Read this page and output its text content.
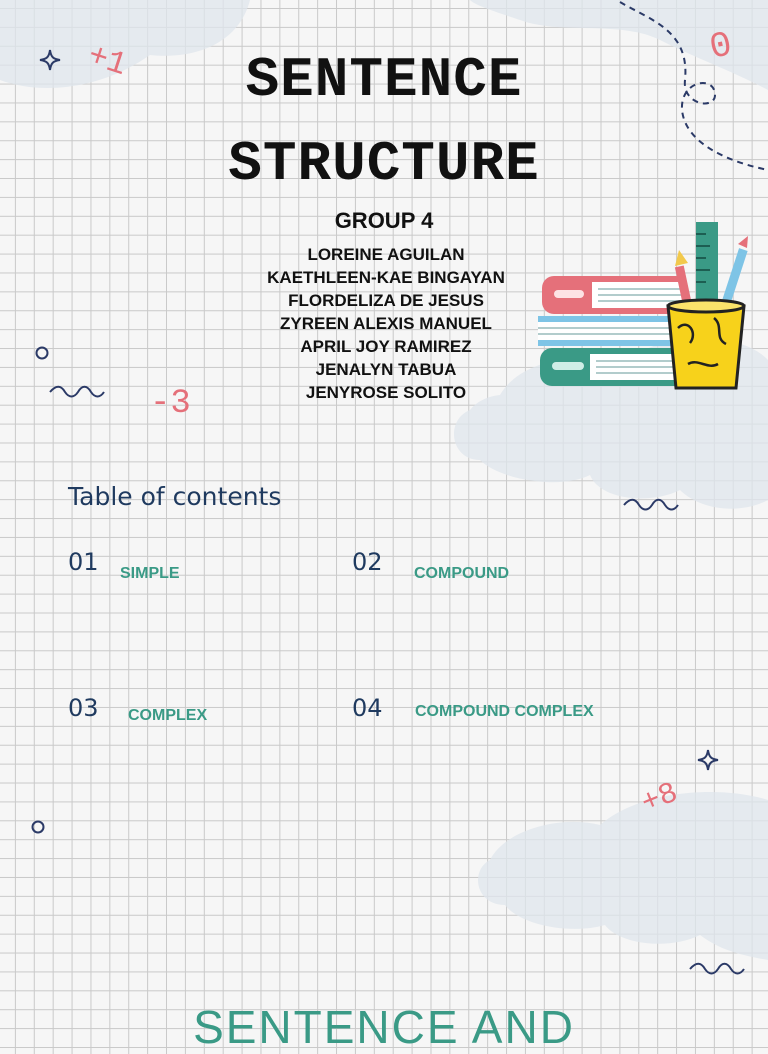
+1	0
-3
+8
SENTENCE
STRUCTURE
GROUP 4
LOREINE AGUILAN
KAETHLEEN-KAE BINGAYAN
FLORDELIZA DE JESUS
ZYREEN ALEXIS MANUEL
APRIL JOY RAMIREZ
JENALYN TABUA
JENYROSE SOLITO
Table of contents
01 SIMPLE	02 COMPOUND
03 COMPLEX	04 COMPOUND COMPLEX
SENTENCE AND
